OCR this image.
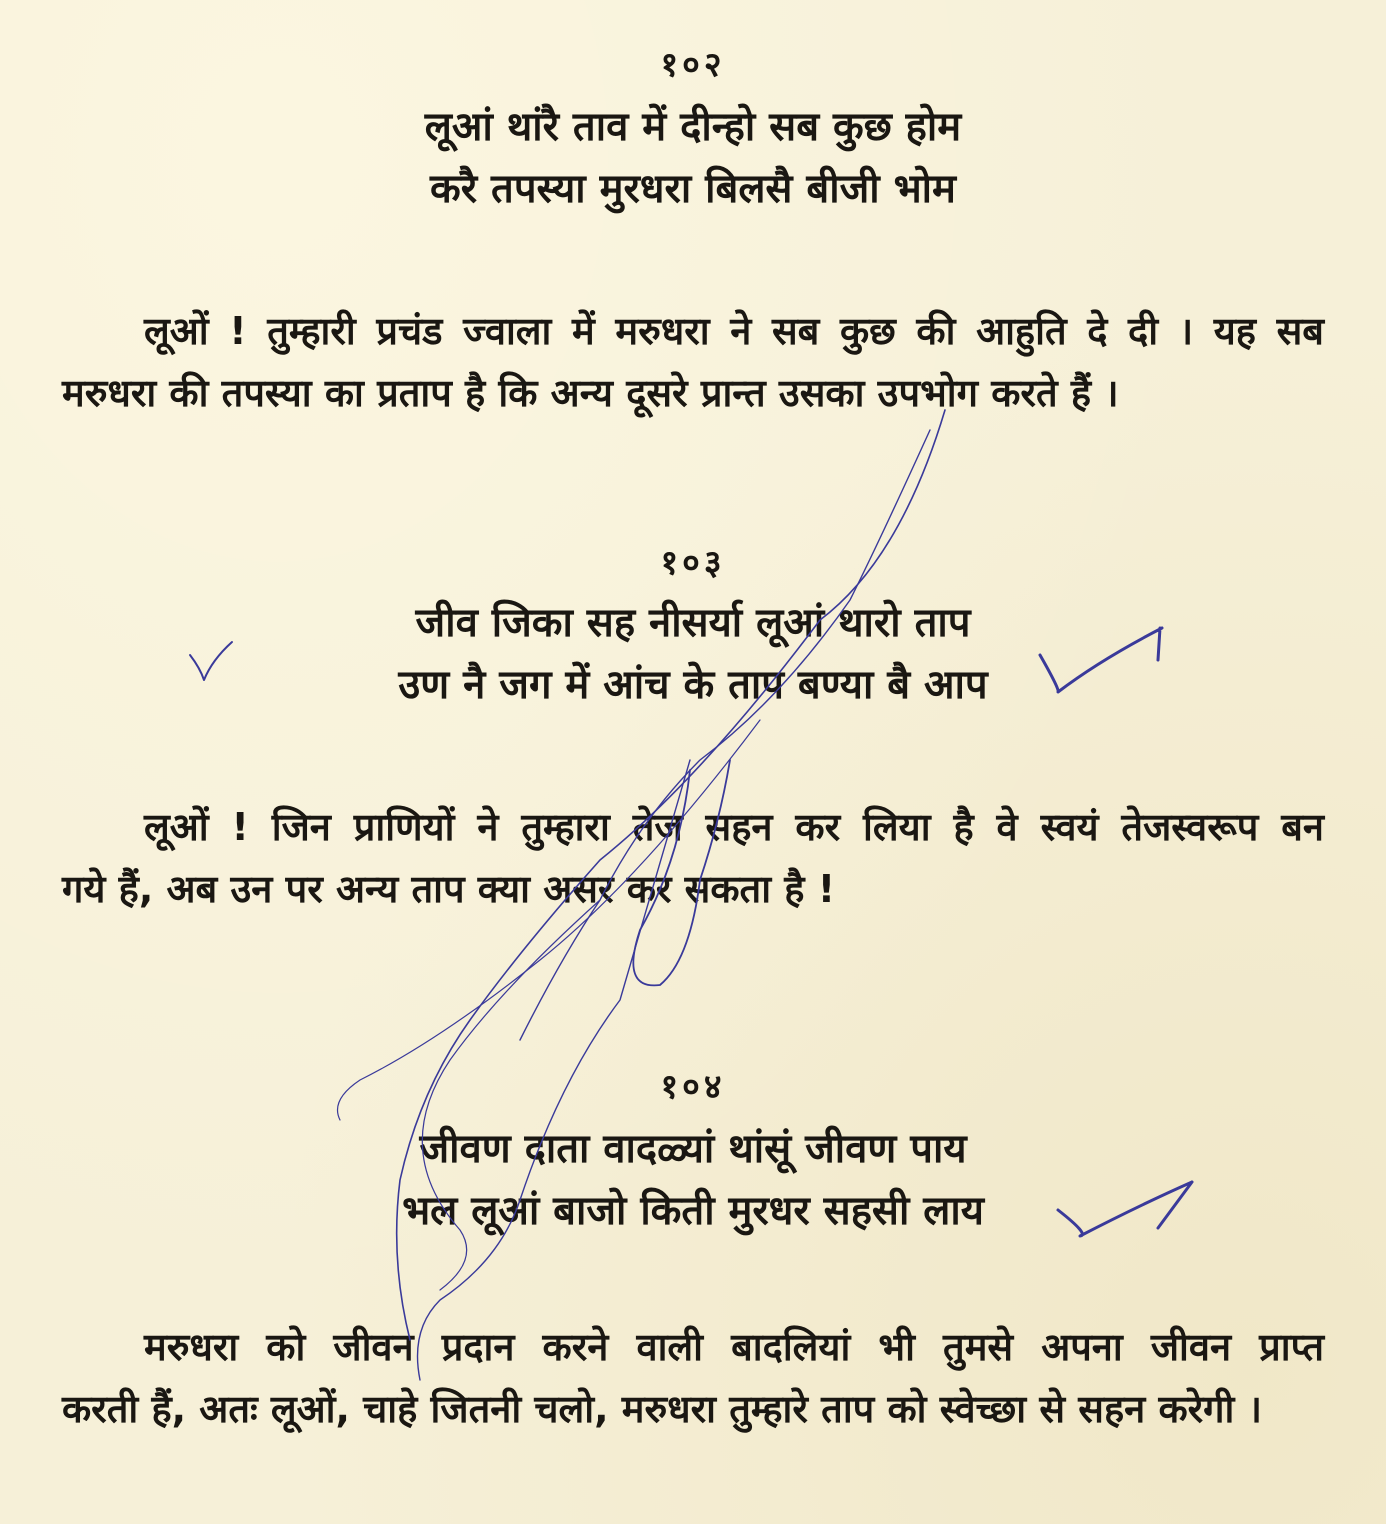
१०२
लूआं थांरै ताव में दीन्हो सब कुछ होम
करै तपस्या मुरधरा बिलसै बीजी भोम
लूओं ! तुम्हारी प्रचंड ज्वाला में मरुधरा ने सब कुछ की आहुति दे दी । यह सब
मरुधरा की तपस्या का प्रताप है कि अन्य दूसरे प्रान्त उसका उपभोग करते हैं ।
१०३
जीव जिका सह नीसर्या लूआं थारो ताप
उण नै जग में आंच के ताप बण्या बै आप
लूओं ! जिन प्राणियों ने तुम्हारा तेज सहन कर लिया है वे स्वयं तेजस्वरूप बन
गये हैं, अब उन पर अन्य ताप क्या असर कर सकता है !
१०४
जीवण दाता वादळ्यां थांसूं जीवण पाय
भल लूआं बाजो किती मुरधर सहसी लाय
मरुधरा को जीवन प्रदान करने वाली बादलियां भी तुमसे अपना जीवन प्राप्त
करती हैं, अतः लूओं, चाहे जितनी चलो, मरुधरा तुम्हारे ताप को स्वेच्छा से सहन करेगी ।
